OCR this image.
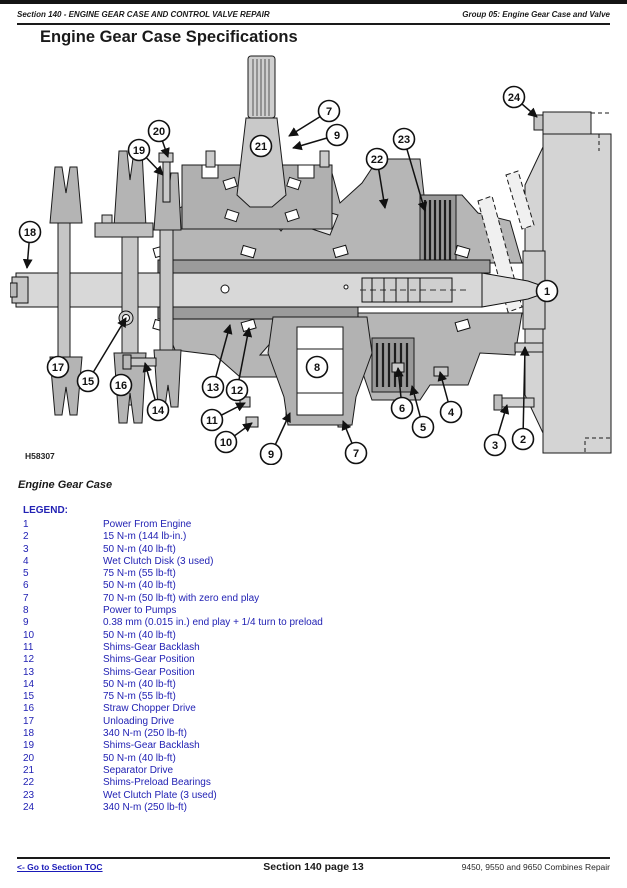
Section 140 - ENGINE GEAR CASE AND CONTROL VALVE REPAIR	Group 05: Engine Gear Case and Valve
Engine Gear Case Specifications
7
9
20
19	21
23
22
24
18
1
17
15 16
14
13 12
11
10
9
8
7
6
5
4
3 2
H58307
Engine Gear Case
LEGEND:
1	Power From Engine
2	15 N-m (144 lb-in.)
3	50 N-m (40 lb-ft)
4	Wet Clutch Disk (3 used)
5	75 N-m (55 lb-ft)
6	50 N-m (40 lb-ft)
7	70 N-m (50 lb-ft) with zero end play
8	Power to Pumps
9	0.38 mm (0.015 in.) end play + 1/4 turn to preload
10	50 N-m (40 lb-ft)
11	Shims-Gear Backlash
12	Shims-Gear Position
13	Shims-Gear Position
14	50 N-m (40 lb-ft)
15	75 N-m (55 lb-ft)
16	Straw Chopper Drive
17	Unloading Drive
18	340 N-m (250 lb-ft)
19	Shims-Gear Backlash
20	50 N-m (40 lb-ft)
21	Separator Drive
22	Shims-Preload Bearings
23	Wet Clutch Plate (3 used)
24	340 N-m (250 lb-ft)
<- Go to Section TOC	Section 140 page 13	9450, 9550 and 9650 Combines Repair
